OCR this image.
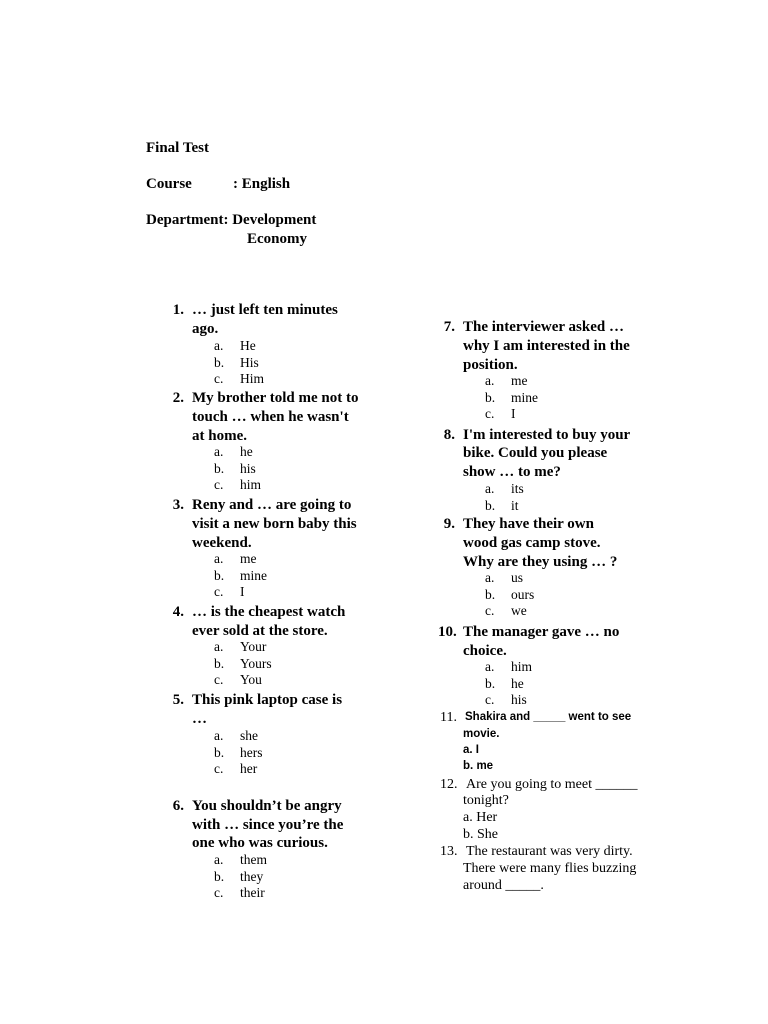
Final Test
Course	: English
Department: Development
Economy
1. … just left ten minutes
ago.
a. He
b. His
c. Him
2. My brother told me not to
touch … when he wasn't
at home.
a. he
b. his
c. him
3. Reny and … are going to
visit a new born baby this
weekend.
a. me
b. mine
c. I
4. … is the cheapest watch
ever sold at the store.
a. Your
b. Yours
c. You
5. This pink laptop case is
…
a. she
b. hers
c. her
6. You shouldn’t be angry
with … since you’re the
one who was curious.
a. them
b. they
c. their
7. The interviewer asked …
why I am interested in the
position.
a. me
b. mine
c. I
8. I'm interested to buy your
bike. Could you please
show … to me?
a. its
b. it
9. They have their own
wood gas camp stove.
Why are they using … ?
a. us
b. ours
c. we
10. The manager gave … no
choice.
a. him
b. he
c. his
11. Shakira and _____ went to see
movie.
a. I
b. me
12. Are you going to meet ______
tonight?
a. Her
b. She
13. The restaurant was very dirty.
There were many flies buzzing
around _____.
